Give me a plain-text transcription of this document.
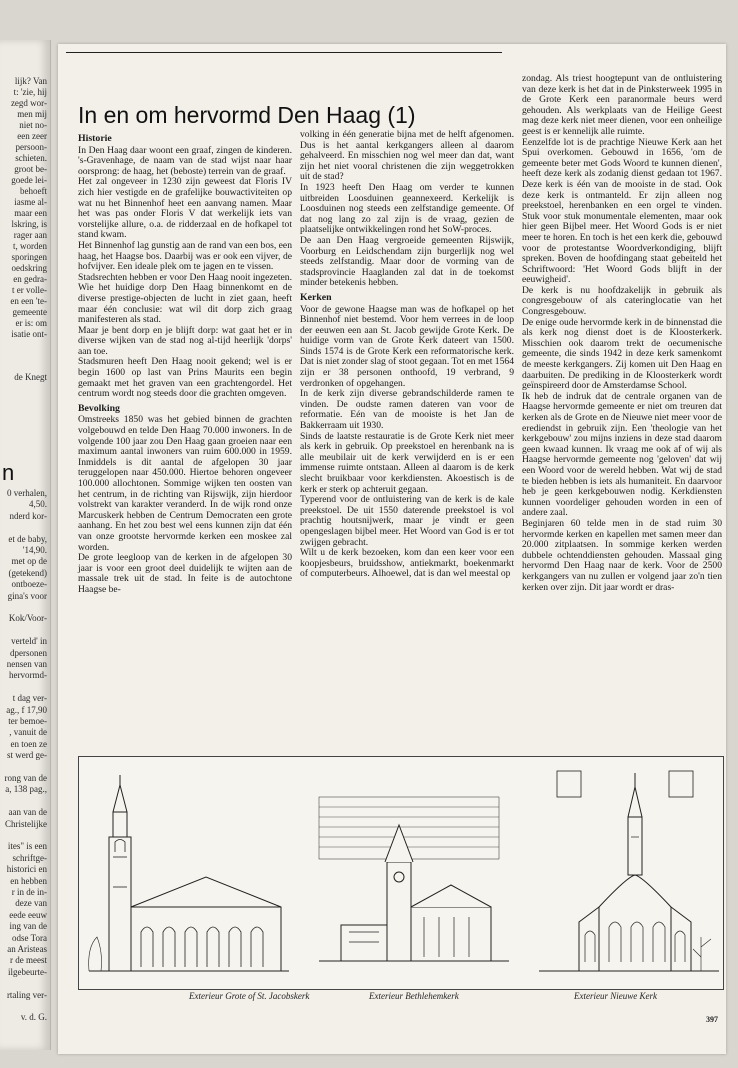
lijk? Van
t: 'zie, hij
zegd wor-
men mij
niet no-
een zeer
persoon-
schieten.
groot be-
goede lei-
behoeft
iasme al-
maar een
lskring, is
rager aan
t, worden
sporingen
oedskring
en gedra-
t er volle-
en een 'te-
gemeente
er is: om
isatie ont-
de Knegt
n
0 verhalen,
4,50.
nderd kor-
et de baby,
'14,90.
met op de
(getekend)
ontboeze-
gina's voor
Kok/Voor-
verteld' in
dpersonen
nensen van
hervormd-
t dag ver-
ag., f 17,90
ter bemoe-
, vanuit de
en toen ze
st werd ge-
rong van de
a, 138 pag.,
aan van de
Christelijke
ites" is een
schriftge-
historici en
en hebben
r in de in-
deze van
eede eeuw
ing van de
odse Tora
an Aristeas
r de meest
ilgebeurte-
rtaling ver-
v. d. G.
In en om hervormd Den Haag (1)
Historie

In Den Haag daar woont een graaf, zingen de kinderen. 's-Gravenhage, de naam van de stad wijst naar haar oorsprong: de haag, het (beboste) terrein van de graaf.

Het zal ongeveer in 1230 zijn geweest dat Floris IV zich hier vestigde en de grafelijke bouwactiviteiten op wat nu het Binnenhof heet een aanvang namen. Maar het was pas onder Floris V dat werkelijk iets van vorstelijke allure, o.a. de ridderzaal en de hofkapel tot stand kwam.

Het Binnenhof lag gunstig aan de rand van een bos, een haag, het Haagse bos. Daarbij was er ook een vijver, de hofvijver. Een ideale plek om te jagen en te vissen.

Stadsrechten hebben er voor Den Haag nooit ingezeten. Wie het huidige dorp Den Haag binnenkomt en de diverse prestige-objecten de lucht in ziet gaan, heeft maar één conclusie: wat wil dit dorp zich graag manifesteren als stad.

Maar je bent dorp en je blijft dorp: wat gaat het er in diverse wijken van de stad nog al-tijd heerlijk 'dorps' aan toe.

Stadsmuren heeft Den Haag nooit gekend; wel is er begin 1600 op last van Prins Maurits een begin gemaakt met het graven van een grachtengordel. Het centrum wordt nog steeds door die grachten omgeven.

Bevolking

Omstreeks 1850 was het gebied binnen de grachten volgebouwd en telde Den Haag 70.000 inwoners. In de volgende 100 jaar zou Den Haag gaan groeien naar een maximum aantal inwoners van ruim 600.000 in 1959. Inmiddels is dit aantal de afgelopen 30 jaar teruggelopen naar 450.000. Hiertoe behoren ongeveer 100.000 allochtonen. Sommige wijken ten oosten van het centrum, in de richting van Rijswijk, zijn hierdoor volstrekt van karakter veranderd. In de wijk rond onze Marcuskerk hebben de Centrum Democraten een grote aanhang. En het zou best wel eens kunnen zijn dat één van onze grootste hervormde kerken een moskee zal worden.

De grote leegloop van de kerken in de afgelopen 30 jaar is voor een groot deel duidelijk te wijten aan de massale trek uit de stad. In feite is de autochtone Haagse be-

volking in één generatie bijna met de helft afgenomen. Dus is het aantal kerkgangers alleen al daarom gehalveerd. En misschien nog wel meer dan dat, want zijn het niet vooral christenen die zijn weggetrokken uit de stad?

In 1923 heeft Den Haag om verder te kunnen uitbreiden Loosduinen geannexeerd. Kerkelijk is Loosduinen nog steeds een zelfstandige gemeente. Of dat nog lang zo zal zijn is de vraag, gezien de plaatselijke ontwikkelingen rond het SoW-proces.

De aan Den Haag vergroeide gemeenten Rijswijk, Voorburg en Leidschendam zijn burgerlijk nog wel steeds zelfstandig. Maar door de vorming van de stadsprovincie Haaglanden zal dat in de toekomst minder betekenis hebben.

Kerken

Voor de gewone Haagse man was de hofkapel op het Binnenhof niet bestemd. Voor hem verrees in de loop der eeuwen een aan St. Jacob gewijde Grote Kerk. De huidige vorm van de Grote Kerk dateert van 1500. Sinds 1574 is de Grote Kerk een reformatorische kerk. Dat is niet zonder slag of stoot gegaan. Tot en met 1564 zijn er 38 personen onthoofd, 19 verbrand, 9 verdronken of opgehangen.

In de kerk zijn diverse gebrandschilderde ramen te vinden. De oudste ramen dateren van voor de reformatie. Eén van de mooiste is het Jan de Bakkerraam uit 1930.

Sinds de laatste restauratie is de Grote Kerk niet meer als kerk in gebruik. Op preekstoel en herenbank na is alle meubilair uit de kerk verwijderd en is er een immense ruimte ontstaan. Alleen al daarom is de kerk slecht bruikbaar voor kerkdiensten. Akoestisch is de kerk er sterk op achteruit gegaan.

Typerend voor de ontluistering van de kerk is de kale preekstoel. De uit 1550 daterende preekstoel is vol prachtig houtsnijwerk, maar je vindt er geen opengeslagen bijbel meer. Het Woord van God is er tot zwijgen gebracht.

Wilt u de kerk bezoeken, kom dan een keer voor een koopjesbeurs, bruidsshow, antiekmarkt, boekenmarkt of computerbeurs. Alhoewel, dat is dan wel meestal op

zondag. Als triest hoogtepunt van de ontluistering van deze kerk is het dat in de Pinksterweek 1995 in de Grote Kerk een paranormale beurs werd gehouden. Als werkplaats van de Heilige Geest mag deze kerk niet meer dienen, voor een onheilige geest is er kennelijk alle ruimte.

Eenzelfde lot is de prachtige Nieuwe Kerk aan het Spui overkomen. Gebouwd in 1656, 'om de gemeente beter met Gods Woord te kunnen dienen', heeft deze kerk als zodanig dienst gedaan tot 1967. Deze kerk is één van de mooiste in de stad. Ook deze kerk is ontmanteld. Er zijn alleen nog preekstoel, herenbanken en een orgel te vinden. Stuk voor stuk monumentale elementen, maar ook hier geen Bijbel meer. Het Woord Gods is er niet meer te horen. En toch is het een kerk die, gebouwd voor de protestantse Woordverkondiging, blijft spreken. Boven de hoofdingang staat gebeiteld het Schriftwoord: 'Het Woord Gods blijft in der eeuwigheid'.

De kerk is nu hoofdzakelijk in gebruik als congresgebouw of als cateringlocatie van het Congresgebouw.

De enige oude hervormde kerk in de binnenstad die als kerk nog dienst doet is de Kloosterkerk. Misschien ook daarom trekt de oecumenische gemeente, die sinds 1942 in deze kerk samenkomt de meeste kerkgangers. Zij komen uit Den Haag en daarbuiten. De prediking in de Kloosterkerk wordt geïnspireerd door de Amsterdamse School.

Ik heb de indruk dat de centrale organen van de Haagse hervormde gemeente er niet om treuren dat kerken als de Grote en de Nieuwe niet meer voor de erediendst in gebruik zijn. Een 'theologie van het kerkgebouw' zou mijns inziens in deze stad daarom geen kwaad kunnen. Ik vraag me ook af of wij als Haagse hervormde gemeente nog 'geloven' dat wij een Woord voor de wereld hebben. Wat wij de stad te bieden hebben is iets als humaniteit. En daarvoor heb je geen kerkgebouwen nodig. Kerkdiensten kunnen voordeliger gehouden worden in een of andere zaal.

Beginjaren 60 telde men in de stad ruim 30 hervormde kerken en kapellen met samen meer dan 20.000 zitplaatsen. In sommige kerken werden dubbele ochtenddiensten gehouden. Massaal ging hervormd Den Haag naar de kerk. Voor de 2500 kerkgangers van nu zullen er volgend jaar zo'n tien kerken over zijn. Dit jaar wordt er dras-

Exterieur Grote of St. Jacobskerk	Exterieur Bethlehemkerk	Exterieur Nieuwe Kerk
397
